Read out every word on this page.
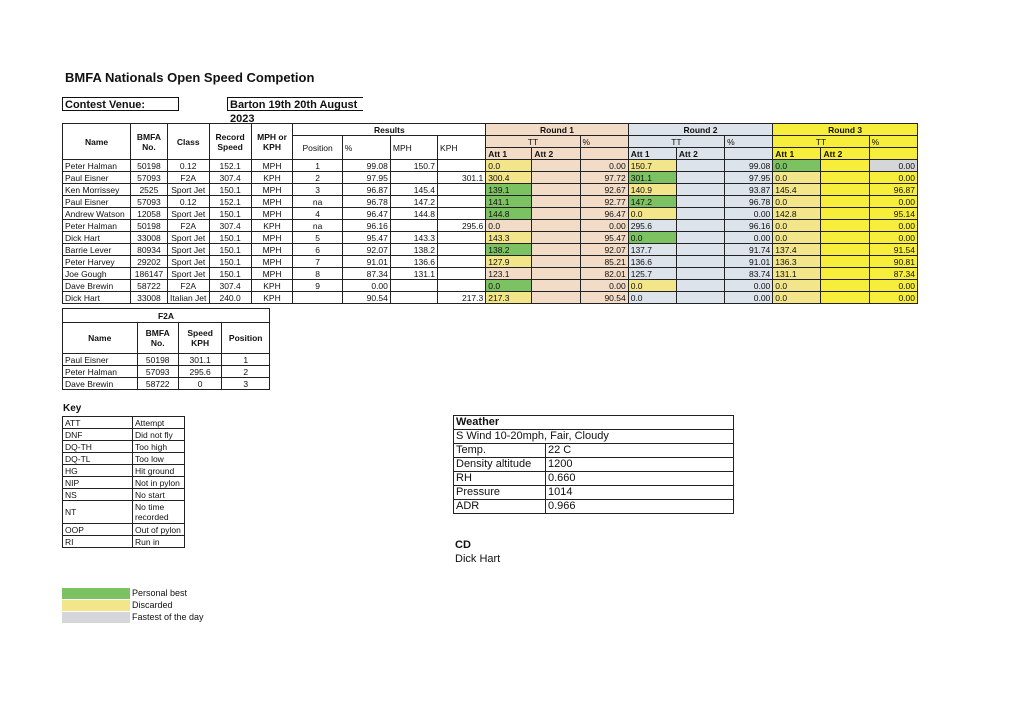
BMFA Nationals Open Speed Competion
Contest Venue:	Barton 19th 20th August 2023
Name	BMFA No.	Class	Record Speed	MPH or KPH	Results				Round 1			Round 2			Round 3		
					Position	%	MPH	KPH	TT		%	TT		%	TT		%
									Att 1	Att 2		Att 1	Att 2		Att 1	Att 2	
Peter Halman	50198	0.12	152.1	MPH	1	99.08	150.7		0.0		0.00	150.7		99.08	0.0		0.00
Paul Eisner	57093	F2A	307.4	KPH	2	97.95		301.1	300.4		97.72	301.1		97.95	0.0		0.00
Ken Morrissey	2525	Sport Jet	150.1	MPH	3	96.87	145.4		139.1		92.67	140.9		93.87	145.4		96.87
Paul Eisner	57093	0.12	152.1	MPH	na	96.78	147.2		141.1		92.77	147.2		96.78	0.0		0.00
Andrew Watson	12058	Sport Jet	150.1	MPH	4	96.47	144.8		144.8		96.47	0.0		0.00	142.8		95.14
Peter Halman	50198	F2A	307.4	KPH	na	96.16		295.6	0.0		0.00	295.6		96.16	0.0		0.00
Dick Hart	33008	Sport Jet	150.1	MPH	5	95.47	143.3		143.3		95.47	0.0		0.00	0.0		0.00
Barrie Lever	80934	Sport Jet	150.1	MPH	6	92.07	138.2		138.2		92.07	137.7		91.74	137.4		91.54
Peter Harvey	29202	Sport Jet	150.1	MPH	7	91.01	136.6		127.9		85.21	136.6		91.01	136.3		90.81
Joe Gough	186147	Sport Jet	150.1	MPH	8	87.34	131.1		123.1		82.01	125.7		83.74	131.1		87.34
Dave Brewin	58722	F2A	307.4	KPH	9	0.00			0.0		0.00	0.0		0.00	0.0		0.00
Dick Hart	33008	Italian Jet	240.0	KPH		90.54		217.3	217.3		90.54	0.0		0.00	0.0		0.00
F2A			
Name	BMFA No.	Speed KPH	Position
Paul Eisner	50198	301.1	1
Peter Halman	57093	295.6	2
Dave Brewin	58722	0	3
Key
ATT	Attempt
DNF	Did not fly
DQ-TH	Too high
DQ-TL	Too low
HG	Hit ground
NIP	Not in pylon
NS	No start
NT	No time recorded
OOP	Out of pylon
RI	Run in
Weather	
S Wind 10-20mph, Fair, Cloudy	
Temp.	22 C
Density altitude	1200
RH	0.660
Pressure	1014
ADR	0.966
CD
Dick Hart
Personal best
Discarded
Fastest of the day
